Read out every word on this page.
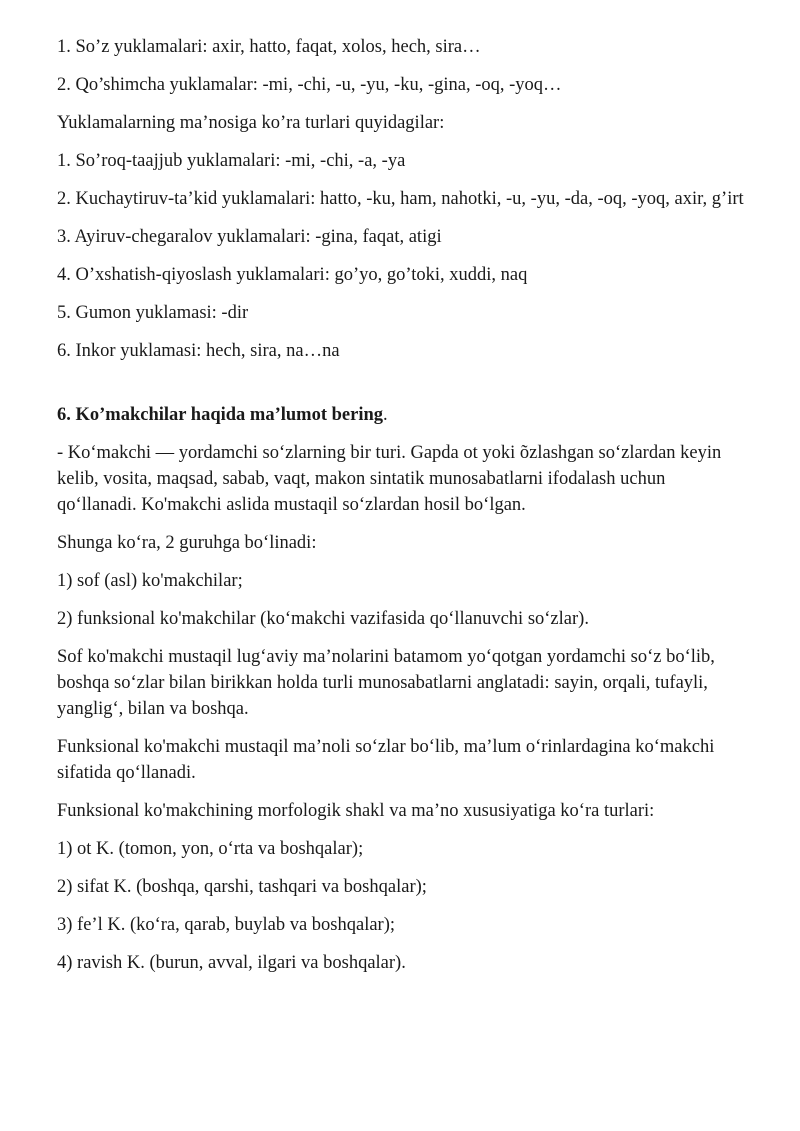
1. So’z yuklamalari: axir, hatto, faqat, xolos, hech, sira…

2. Qo’shimcha yuklamalar: -mi, -chi, -u, -yu, -ku, -gina, -oq, -yoq…

Yuklamalarning ma’nosiga ko’ra turlari quyidagilar:

1. So’roq-taajjub yuklamalari: -mi, -chi, -a, -ya

2. Kuchaytiruv-ta’kid yuklamalari: hatto, -ku, ham, nahotki, -u, -yu, -da, -oq, -yoq, axir, g’irt

3. Ayiruv-chegaralov yuklamalari: -gina, faqat, atigi

4. O’xshatish-qiyoslash yuklamalari: go’yo, go’toki, xuddi, naq

5. Gumon yuklamasi: -dir

6. Inkor yuklamasi: hech, sira, na…na

6. Ko’makchilar haqida ma’lumot bering.

- Koʻmakchi — yordamchi soʻzlarning bir turi. Gapda ot yoki õzlashgan soʻzlardan keyin kelib, vosita, maqsad, sabab, vaqt, makon sintatik munosabatlarni ifodalash uchun qoʻllanadi. Ko'makchi aslida mustaqil soʻzlardan hosil boʻlgan.

Shunga koʻra, 2 guruhga boʻlinadi:

1) sof (asl) ko'makchilar;

2) funksional ko'makchilar (koʻmakchi vazifasida qoʻllanuvchi soʻzlar).

Sof ko'makchi mustaqil lugʻaviy maʼnolarini batamom yoʻqotgan yordamchi soʻz boʻlib, boshqa soʻzlar bilan birikkan holda turli munosabatlarni anglatadi: sayin, orqali, tufayli, yanglig‘, bilan va boshqa.

Funksional ko'makchi mustaqil maʼnoli soʻzlar boʻlib, maʼlum oʻrinlardagina koʻmakchi sifatida qoʻllanadi.

Funksional ko'makchining morfologik shakl va maʼno xususiyatiga koʻra turlari:

1) ot K. (tomon, yon, oʻrta va boshqalar);

2) sifat K. (boshqa, qarshi, tashqari va boshqalar);

3) feʼl K. (koʻra, qarab, buylab va boshqalar);

4) ravish K. (burun, avval, ilgari va boshqalar).
